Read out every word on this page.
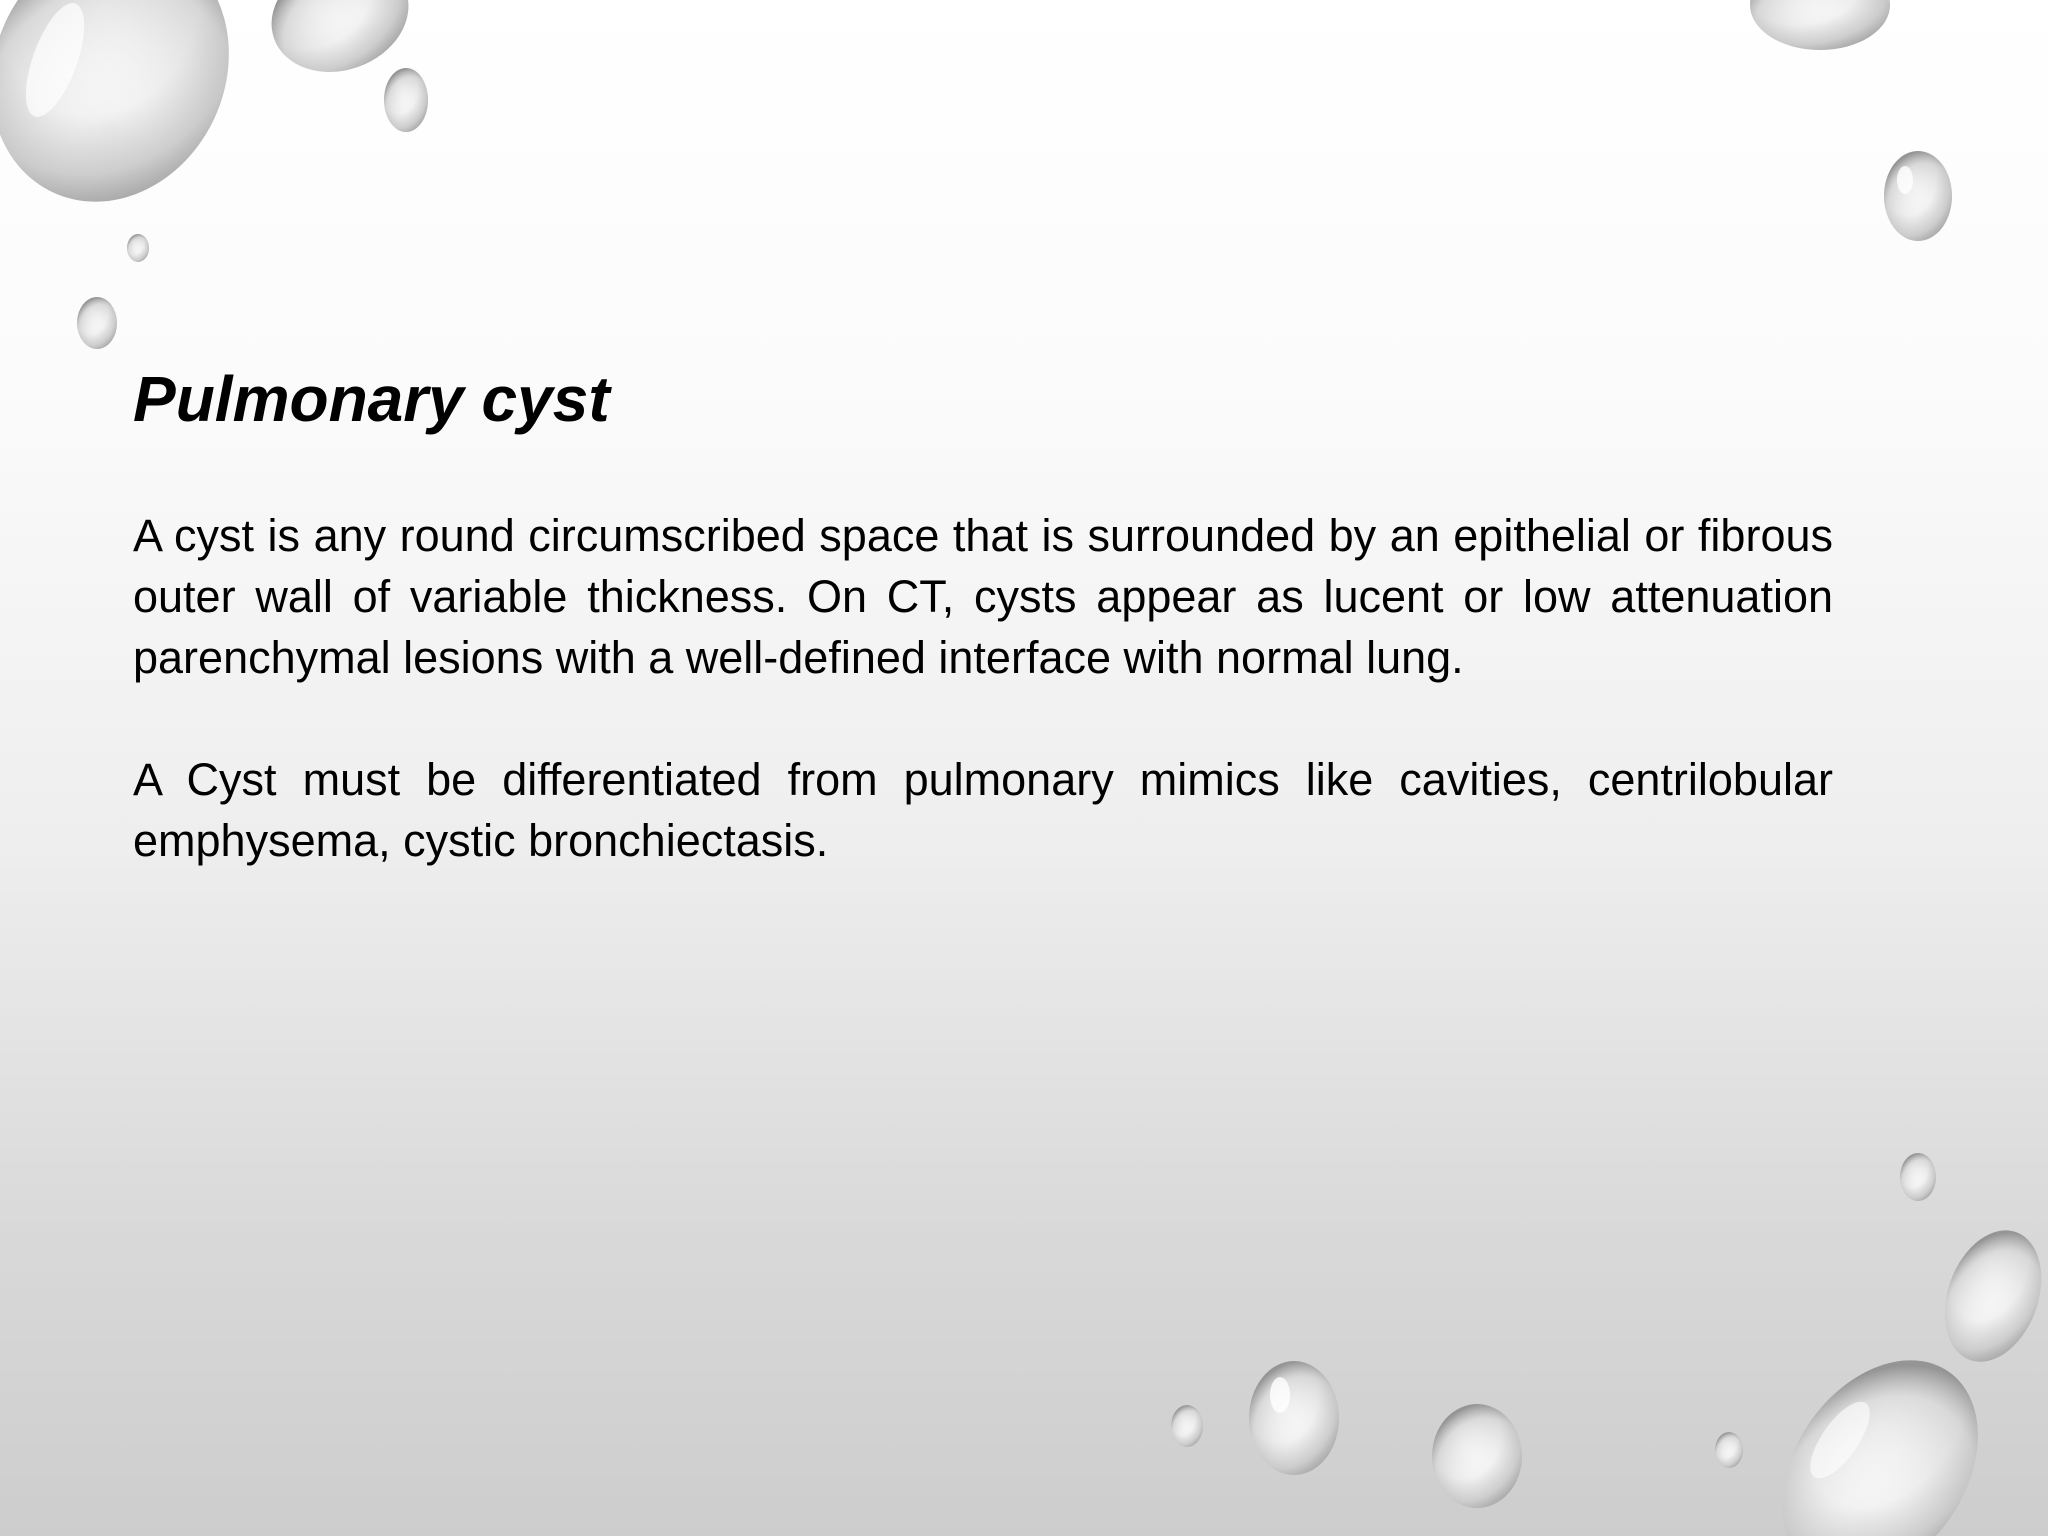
Pulmonary cyst

A cyst is any round circumscribed space that is surrounded by an epithelial or fibrous outer wall of variable thickness. On CT, cysts appear as lucent or low attenuation parenchymal lesions with a well-defined interface with normal lung.

A Cyst must be differentiated from pulmonary mimics like cavities, centrilobular emphysema, cystic bronchiectasis.
